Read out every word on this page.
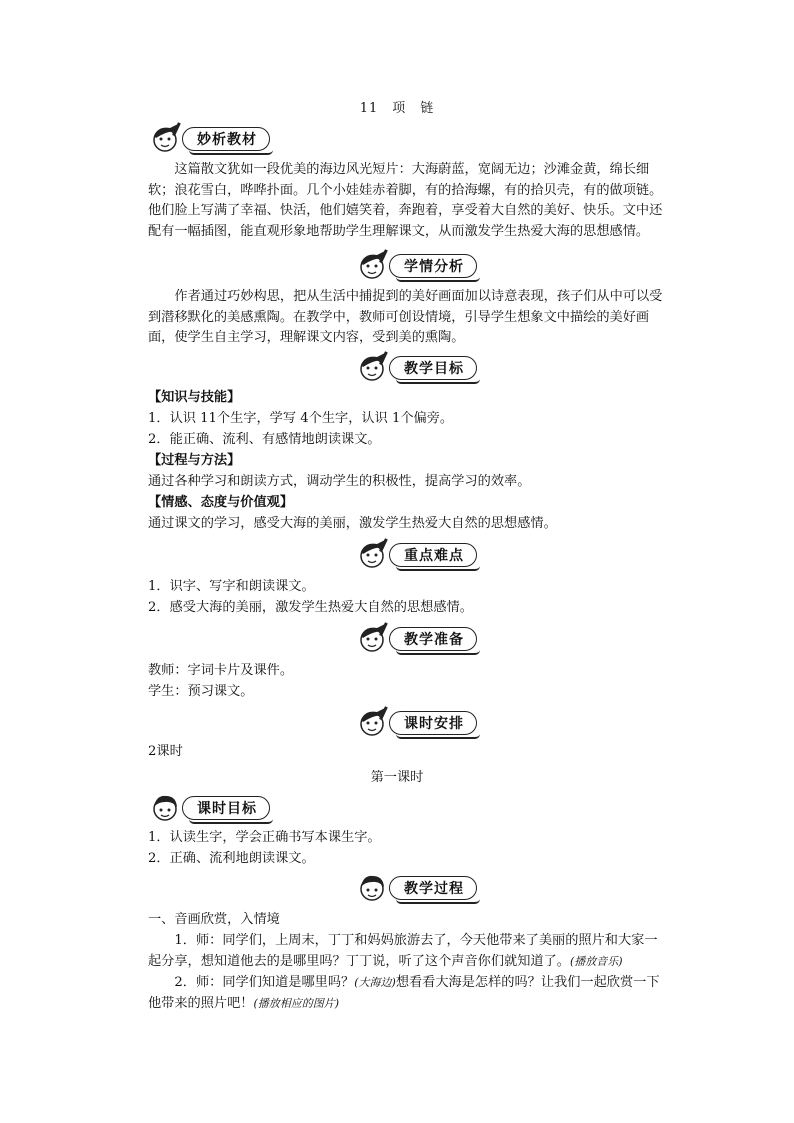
11　项　链
妙析教材
这篇散文犹如一段优美的海边风光短片：大海蔚蓝，宽阔无边；沙滩金黄，绵长细软；浪花雪白，哗哗扑面。几个小娃娃赤着脚，有的拾海螺，有的拾贝壳，有的做项链。他们脸上写满了幸福、快活，他们嬉笑着，奔跑着，享受着大自然的美好、快乐。文中还配有一幅插图，能直观形象地帮助学生理解课文，从而激发学生热爱大海的思想感情。
学情分析
作者通过巧妙构思，把从生活中捕捉到的美好画面加以诗意表现，孩子们从中可以受到潜移默化的美感熏陶。在教学中，教师可创设情境，引导学生想象文中描绘的美好画面，使学生自主学习，理解课文内容，受到美的熏陶。
教学目标
【知识与技能】
1．认识 11个生字，学写 4个生字，认识 1个偏旁。
2．能正确、流利、有感情地朗读课文。
【过程与方法】
通过各种学习和朗读方式，调动学生的积极性，提高学习的效率。
【情感、态度与价值观】
通过课文的学习，感受大海的美丽，激发学生热爱大自然的思想感情。
重点难点
1．识字、写字和朗读课文。
2．感受大海的美丽，激发学生热爱大自然的思想感情。
教学准备
教师：字词卡片及课件。
学生：预习课文。
课时安排
2课时
第一课时
课时目标
1．认读生字，学会正确书写本课生字。
2．正确、流利地朗读课文。
教学过程
一、音画欣赏，入情境
1．师：同学们，上周末，丁丁和妈妈旅游去了，今天他带来了美丽的照片和大家一起分享，想知道他去的是哪里吗？丁丁说，听了这个声音你们就知道了。(播放音乐)
2．师：同学们知道是哪里吗？(大海边)想看看大海是怎样的吗？让我们一起欣赏一下他带来的照片吧！(播放相应的图片)
